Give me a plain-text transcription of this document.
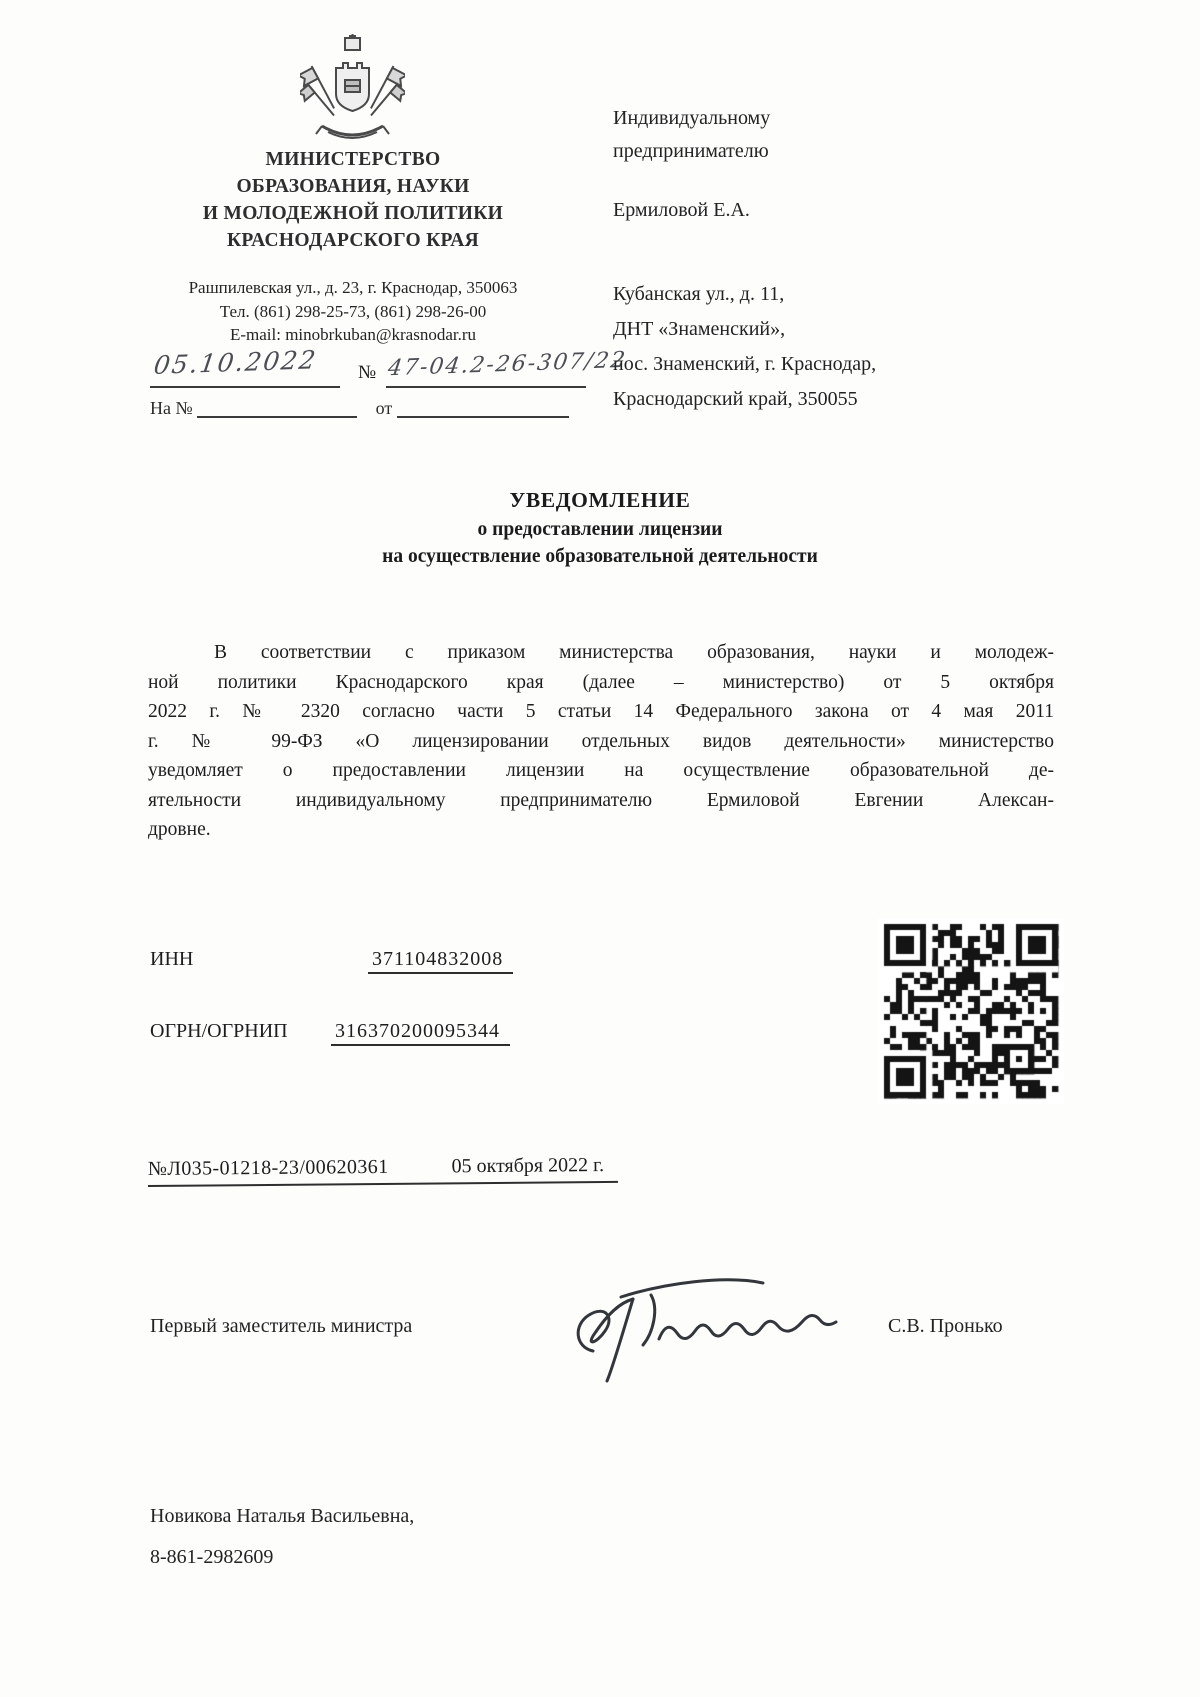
МИНИСТЕРСТВО
ОБРАЗОВАНИЯ, НАУКИ
И МОЛОДЕЖНОЙ ПОЛИТИКИ
КРАСНОДАРСКОГО КРАЯ
Рашпилевская ул., д. 23, г. Краснодар, 350063
Тел. (861) 298-25-73, (861) 298-26-00
E-mail: minobrkuban@krasnodar.ru
05.10.2022 № 47-04.2-26-307/22
На №	от
Индивидуальному
предпринимателю
Ермиловой Е.А.
Кубанская ул., д. 11,
ДНТ «Знаменский»,
пос. Знаменский, г. Краснодар,
Краснодарский край, 350055
УВЕДОМЛЕНИЕ
о предоставлении лицензии
на осуществление образовательной деятельности
В соответствии с приказом министерства образования, науки и молодеж-
ной политики Краснодарского края (далее – министерство) от 5 октября
2022 г. № 2320 согласно части 5 статьи 14 Федерального закона от 4 мая 2011
г. № 99-ФЗ «О лицензировании отдельных видов деятельности» министерство
уведомляет о предоставлении лицензии на осуществление образовательной де-
ятельности индивидуальному предпринимателю Ермиловой Евгении Алексан-
дровне.
ИНН	371104832008
ОГРН/ОГРНИП 316370200095344
№Л035-01218-23/00620361	05 октября 2022 г.
Первый заместитель министра	С.В. Пронько
Новикова Наталья Васильевна,
8-861-2982609
